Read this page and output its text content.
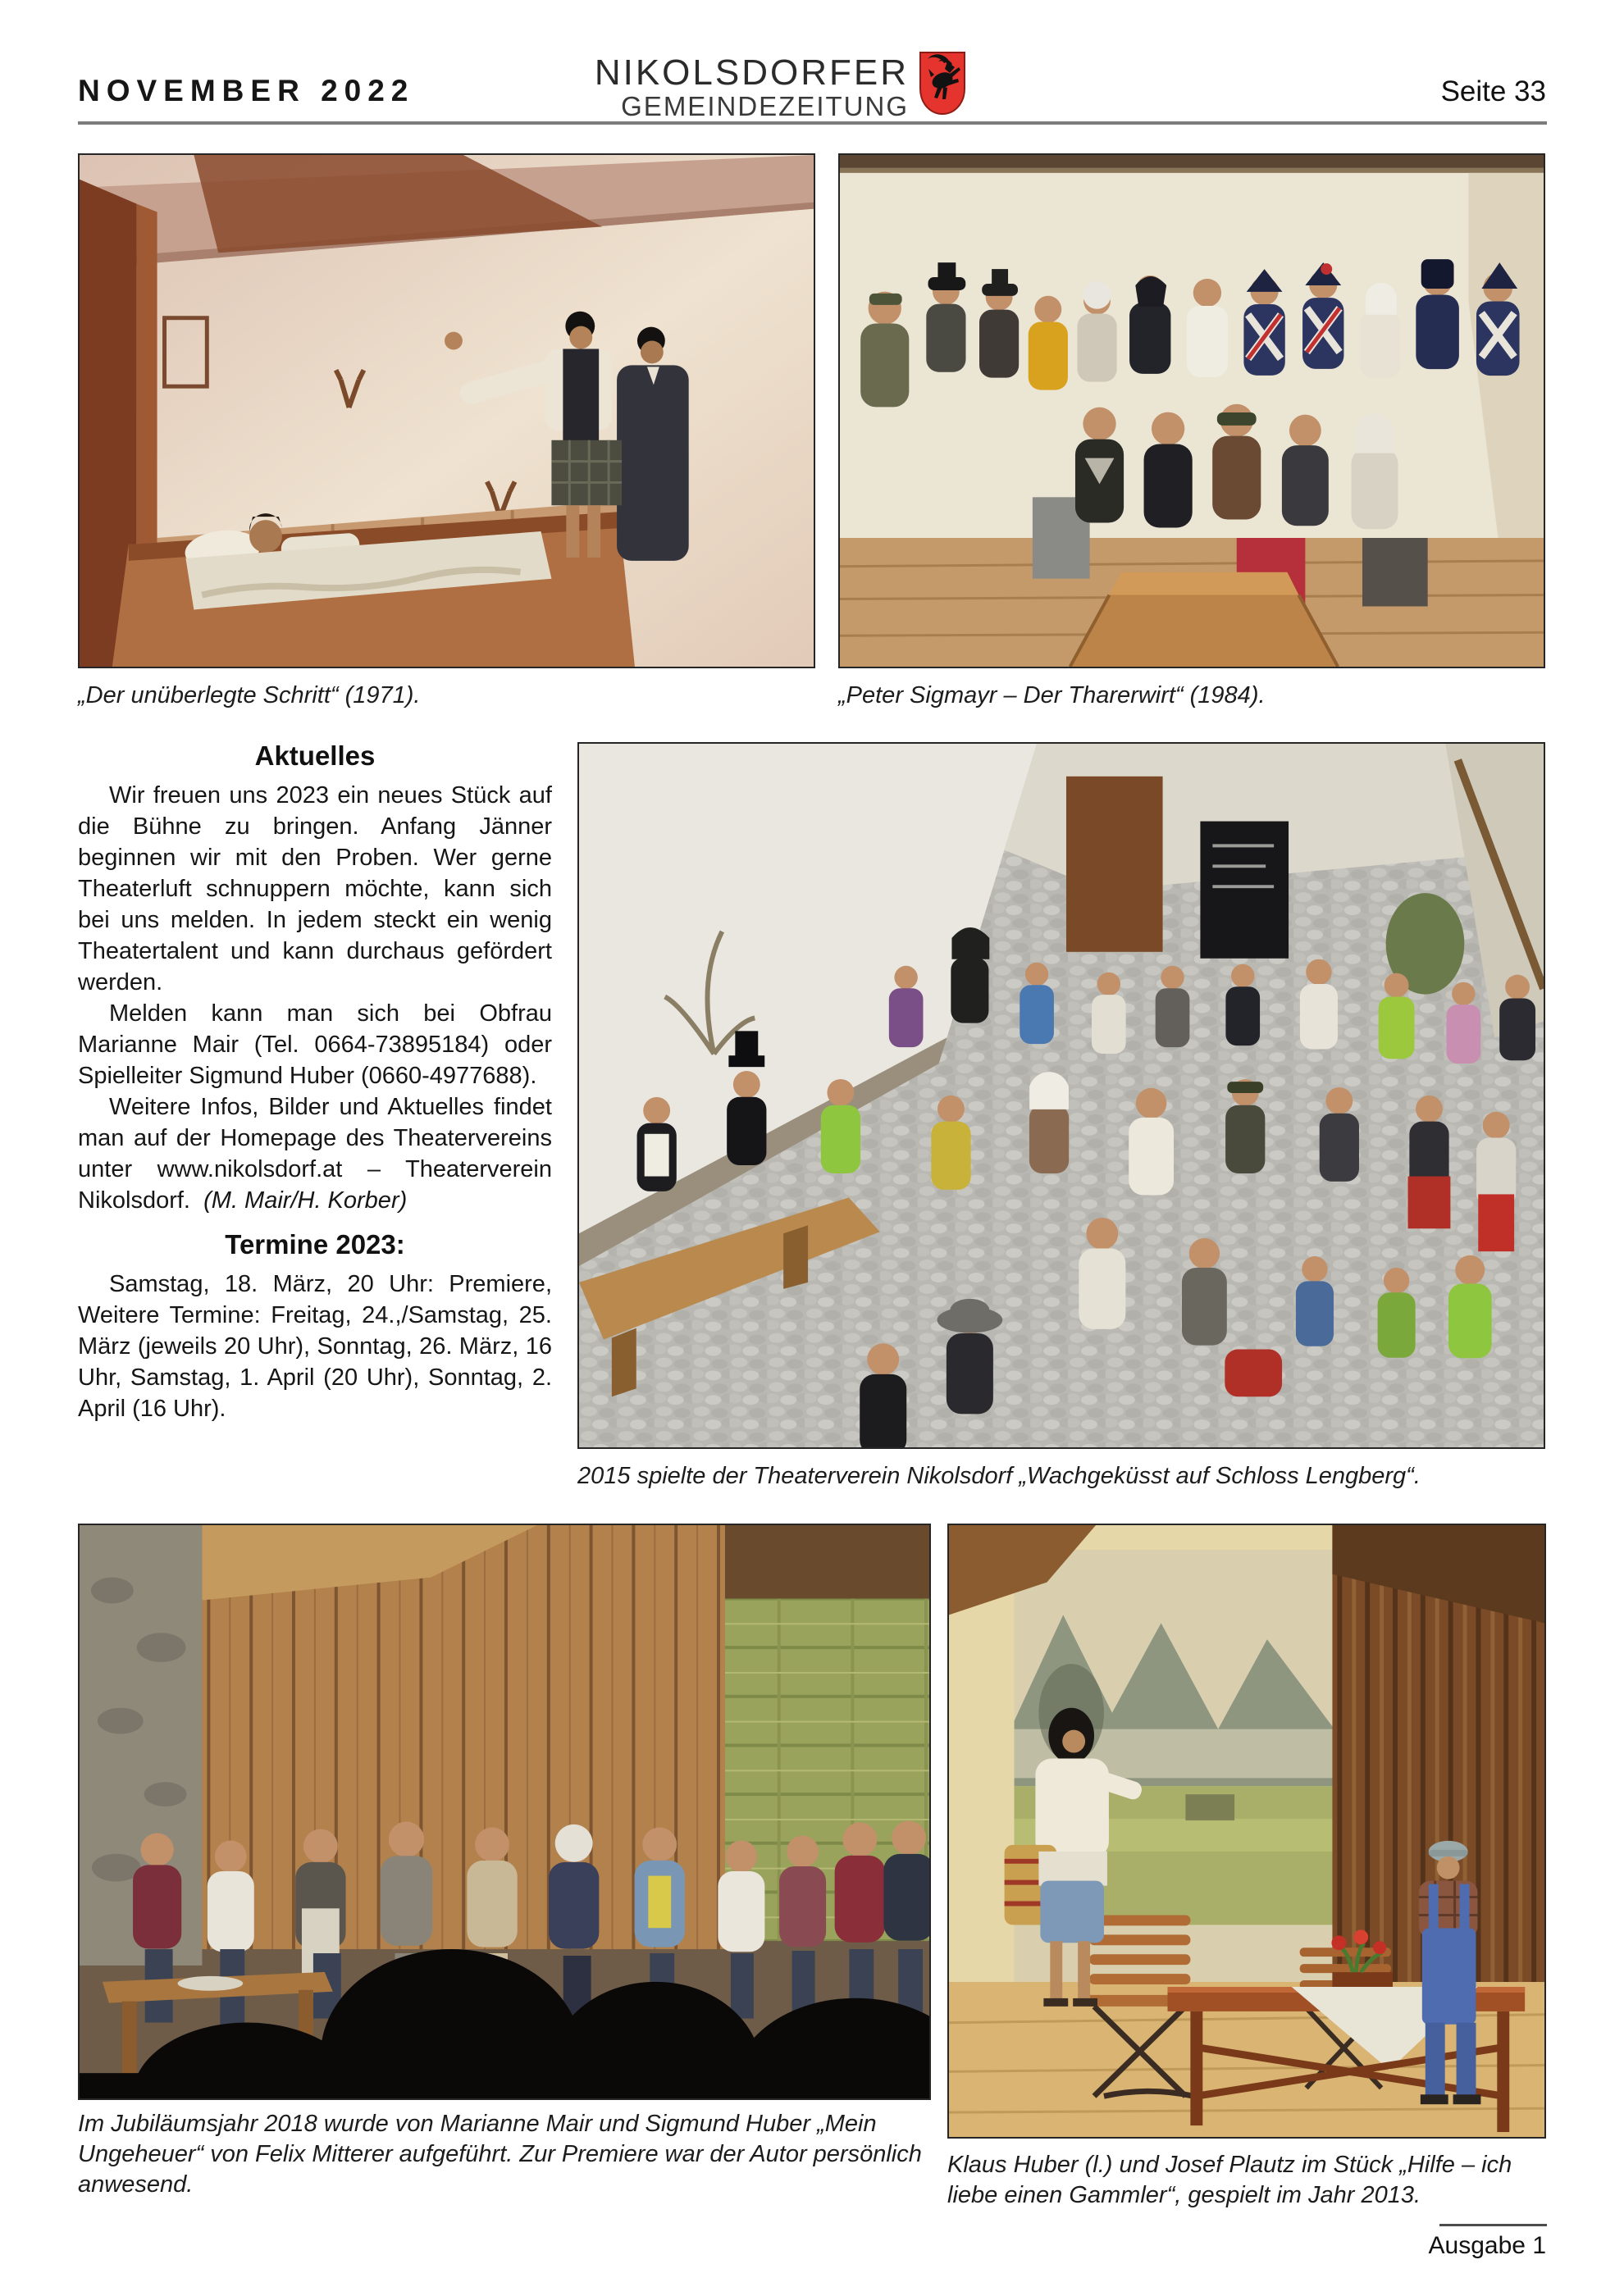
NOVEMBER 2022	NIKOLSDORFER
GEMEINDEZEITUNG	Seite 33
„Der unüberlegte Schritt“ (1971).	„Peter Sigmayr – Der Tharerwirt“ (1984).
Aktuelles

Wir freuen uns 2023 ein neues Stück auf die Bühne zu bringen. Anfang Jänner beginnen wir mit den Proben. Wer gerne Theaterluft schnuppern möchte, kann sich bei uns melden. In jedem steckt ein wenig Theatertalent und kann durchaus gefördert werden.

Melden kann man sich bei Obfrau Marianne Mair (Tel. 0664-73895184) oder Spielleiter Sigmund Huber (0660-4977688).

Weitere Infos, Bilder und Aktuelles findet man auf der Homepage des Theatervereins unter www.nikolsdorf.at – Theaterverein Nikolsdorf. (M. Mair/H. Korber)

Termine 2023:

Samstag, 18. März, 20 Uhr: Premiere, Weitere Termine: Freitag, 24.,/Samstag, 25. März (jeweils 20 Uhr), Sonntag, 26. März, 16 Uhr, Samstag, 1. April (20 Uhr), Sonntag, 2. April (16 Uhr).

2015 spielte der Theaterverein Nikolsdorf „Wachgeküsst auf Schloss Lengberg“.
Im Jubiläumsjahr 2018 wurde von Marianne Mair und Sigmund Huber „Mein Ungeheuer“ von Felix Mitterer aufgeführt. Zur Premiere war der Autor persönlich anwesend.
Klaus Huber (l.) und Josef Plautz im Stück „Hilfe – ich liebe einen Gammler“, gespielt im Jahr 2013.
Ausgabe 1
